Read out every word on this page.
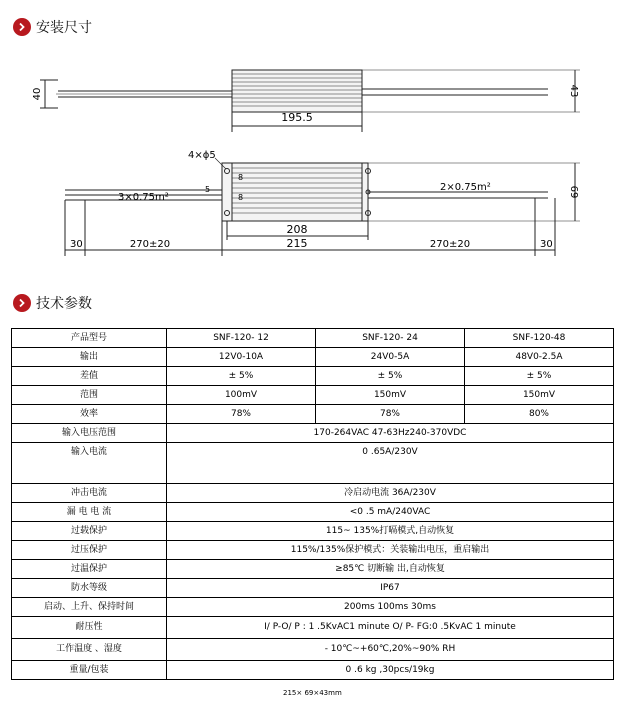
安装尺寸
40	43
195.5
4×ϕ5
8
5
8
3×0.75m²
2×0.75m²	69
208
215
270±20	270±20
30	30
技术参数
产品型号	SNF-120- 12	SNF-120- 24	SNF-120-48
输出	12V0-10A	24V0-5A	48V0-2.5A
差值	± 5%	± 5%	± 5%
范围	100mV	150mV	150mV
效率	78%	78%	80%
输入电压范围	170-264VAC 47-63Hz240-370VDC		
输入电流	0 .65A/230V		
冲击电流	冷启动电流 36A/230V		
漏 电 电 流	<0 .5 mA/240VAC		
过载保护	115~ 135%打嗝模式,自动恢复		
过压保护	115%/135%保护模式：关装输出电压，重启输出		
过温保护	≥85℃ 切断输 出,自动恢复		
防水等级	IP67		
启动、上升、保持时间	200ms 100ms 30ms		
耐压性	I/ P-O/ P : 1 .5KvAC1 minute O/ P- FG:0 .5KvAC 1 minute		
工作温度 、湿度	- 10℃~+60℃,20%~90% RH		
重量/包装	0 .6 kg ,30pcs/19kg		
215× 69×43mm
